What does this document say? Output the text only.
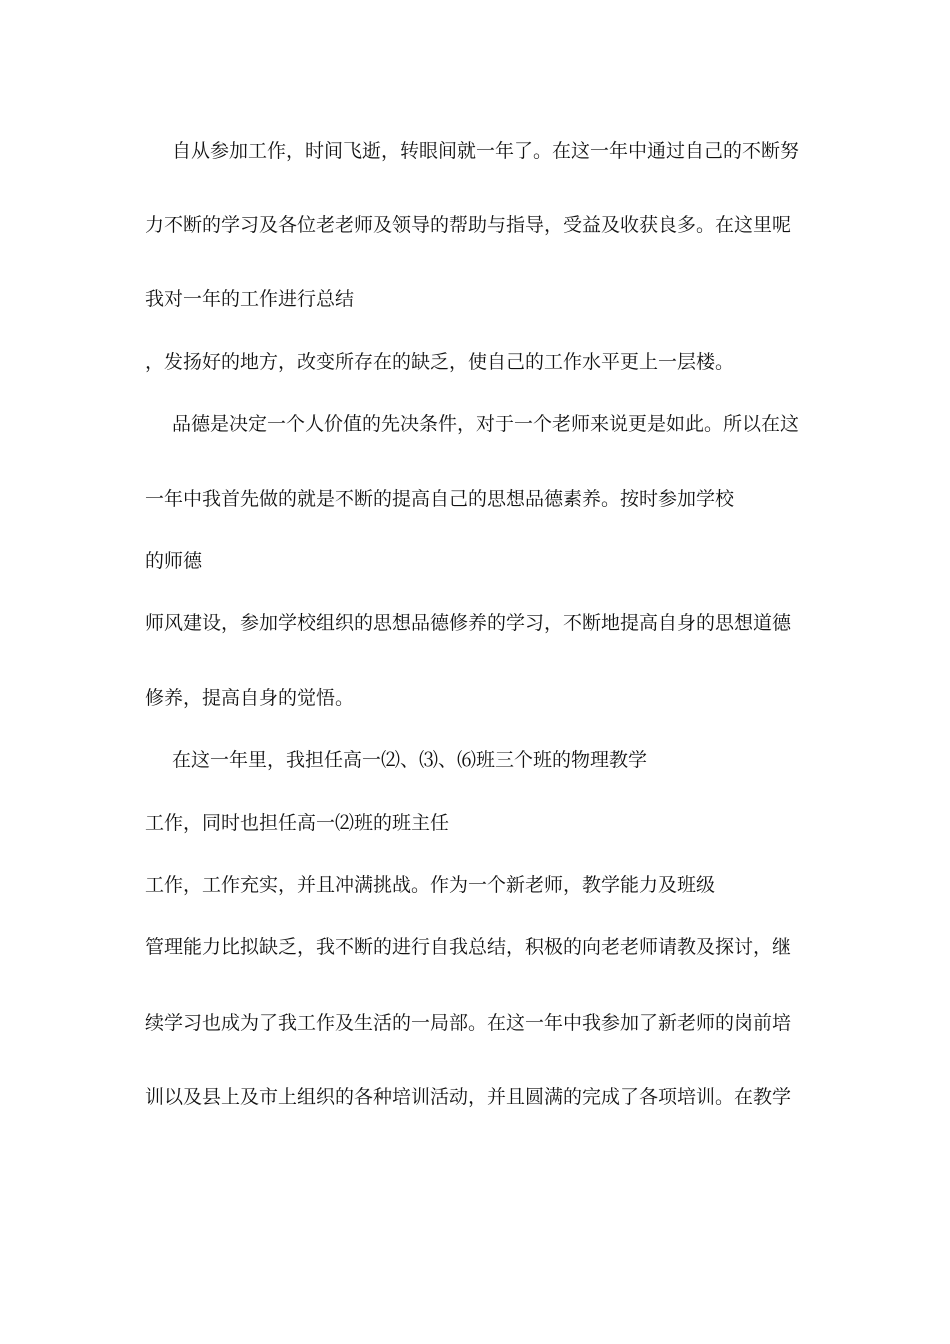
自从参加工作，时间飞逝，转眼间就一年了。在这一年中通过自己的不断努
力不断的学习及各位老老师及领导的帮助与指导，受益及收获良多。在这里呢
我对一年的工作进行总结
，发扬好的地方，改变所存在的缺乏，使自己的工作水平更上一层楼。
品德是决定一个人价值的先决条件，对于一个老师来说更是如此。所以在这
一年中我首先做的就是不断的提高自己的思想品德素养。按时参加学校
的师德
师风建设，参加学校组织的思想品德修养的学习，不断地提高自身的思想道德
修养，提高自身的觉悟。
在这一年里，我担任高一⑵、⑶、⑹班三个班的物理教学
工作，同时也担任高一⑵班的班主任
工作，工作充实，并且冲满挑战。作为一个新老师，教学能力及班级
管理能力比拟缺乏，我不断的进行自我总结，积极的向老老师请教及探讨，继
续学习也成为了我工作及生活的一局部。在这一年中我参加了新老师的岗前培
训以及县上及市上组织的各种培训活动，并且圆满的完成了各项培训。在教学
